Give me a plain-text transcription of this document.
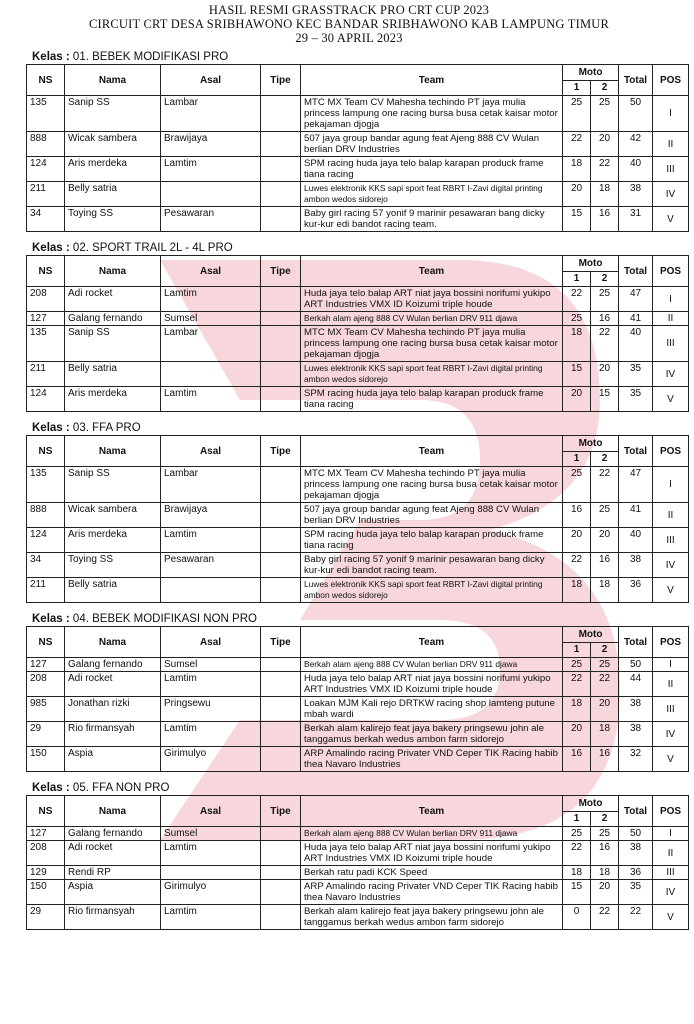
HASIL RESMI GRASSTRACK PRO CRT CUP 2023
CIRCUIT CRT DESA SRIBHAWONO KEC BANDAR SRIBHAWONO KAB LAMPUNG TIMUR
29 – 30 APRIL 2023
Kelas : 01. BEBEK MODIFIKASI PRO
NS	Nama	Asal	Tipe	Team	Moto		Total	POS
					1	2		
135	Sanip SS	Lambar		MTC MX Team CV Mahesha techindo PT jaya mulia princess lampung one racing bursa busa cetak kaisar motor pekajaman djogja	25	25	50	I
888	Wicak sambera	Brawijaya		507 jaya group bandar agung feat Ajeng 888 CV Wulan berlian DRV Industries	22	20	42	II
124	Aris merdeka	Lamtim		SPM racing huda jaya telo balap karapan produck frame tiana racing	18	22	40	III
211	Belly satria			Luwes elektronik KKS sapi sport feat RBRT I-Zavi digital printing ambon wedos sidorejo	20	18	38	IV
34	Toying SS	Pesawaran		Baby girl racing 57 yonif 9 marinir pesawaran bang dicky kur-kur edi bandot racing team.	15	16	31	V
Kelas : 02. SPORT TRAIL 2L - 4L PRO
NS	Nama	Asal	Tipe	Team	Moto		Total	POS
					1	2		
208	Adi rocket	Lamtim		Huda jaya telo balap ART niat jaya bossini norifumi yukipo ART Industries VMX ID Koizumi triple houde	22	25	47	I
127	Galang fernando	Sumsel		Berkah alam ajeng 888 CV Wulan berlian DRV 911 djawa	25	16	41	II
135	Sanip SS	Lambar		MTC MX Team CV Mahesha techindo PT jaya mulia princess lampung one racing bursa busa cetak kaisar motor pekajaman djogja	18	22	40	III
211	Belly satria			Luwes elektronik KKS sapi sport feat RBRT I-Zavi digital printing ambon wedos sidorejo	15	20	35	IV
124	Aris merdeka	Lamtim		SPM racing huda jaya telo balap karapan produck frame tiana racing	20	15	35	V
Kelas : 03. FFA PRO
NS	Nama	Asal	Tipe	Team	Moto		Total	POS
					1	2		
135	Sanip SS	Lambar		MTC MX Team CV Mahesha techindo PT jaya mulia princess lampung one racing bursa busa cetak kaisar motor pekajaman djogja	25	22	47	I
888	Wicak sambera	Brawijaya		507 jaya group bandar agung feat Ajeng 888 CV Wulan berlian DRV Industries	16	25	41	II
124	Aris merdeka	Lamtim		SPM racing huda jaya telo balap karapan produck frame tiana racing	20	20	40	III
34	Toying SS	Pesawaran		Baby girl racing 57 yonif 9 marinir pesawaran bang dicky kur-kur edi bandot racing team.	22	16	38	IV
211	Belly satria			Luwes elektronik KKS sapi sport feat RBRT I-Zavi digital printing ambon wedos sidorejo	18	18	36	V
Kelas : 04. BEBEK MODIFIKASI NON PRO
NS	Nama	Asal	Tipe	Team	Moto		Total	POS
					1	2		
127	Galang fernando	Sumsel		Berkah alam ajeng 888 CV Wulan berlian DRV 911 djawa	25	25	50	I
208	Adi rocket	Lamtim		Huda jaya telo balap ART niat jaya bossini norifumi yukipo ART Industries VMX ID Koizumi triple houde	22	22	44	II
985	Jonathan rizki	Pringsewu		Loakan MJM Kali rejo DRTKW racing shop lamteng putune mbah wardi	18	20	38	III
29	Rio firmansyah	Lamtim		Berkah alam kalirejo feat jaya bakery pringsewu john ale tanggamus berkah wedus ambon farm sidorejo	20	18	38	IV
150	Aspia	Girimulyo		ARP Amalindo racing Privater VND Ceper TIK Racing habib thea Navaro Industries	16	16	32	V
Kelas : 05. FFA NON PRO
NS	Nama	Asal	Tipe	Team	Moto		Total	POS
					1	2		
127	Galang fernando	Sumsel		Berkah alam ajeng 888 CV Wulan berlian DRV 911 djawa	25	25	50	I
208	Adi rocket	Lamtim		Huda jaya telo balap ART niat jaya bossini norifumi yukipo ART Industries VMX ID Koizumi triple houde	22	16	38	II
129	Rendi RP			Berkah ratu padi KCK Speed	18	18	36	III
150	Aspia	Girimulyo		ARP Amalindo racing Privater VND Ceper TIK Racing habib thea Navaro Industries	15	20	35	IV
29	Rio firmansyah	Lamtim		Berkah alam kalirejo feat jaya bakery pringsewu john ale tanggamus berkah wedus ambon farm sidorejo	0	22	22	V
